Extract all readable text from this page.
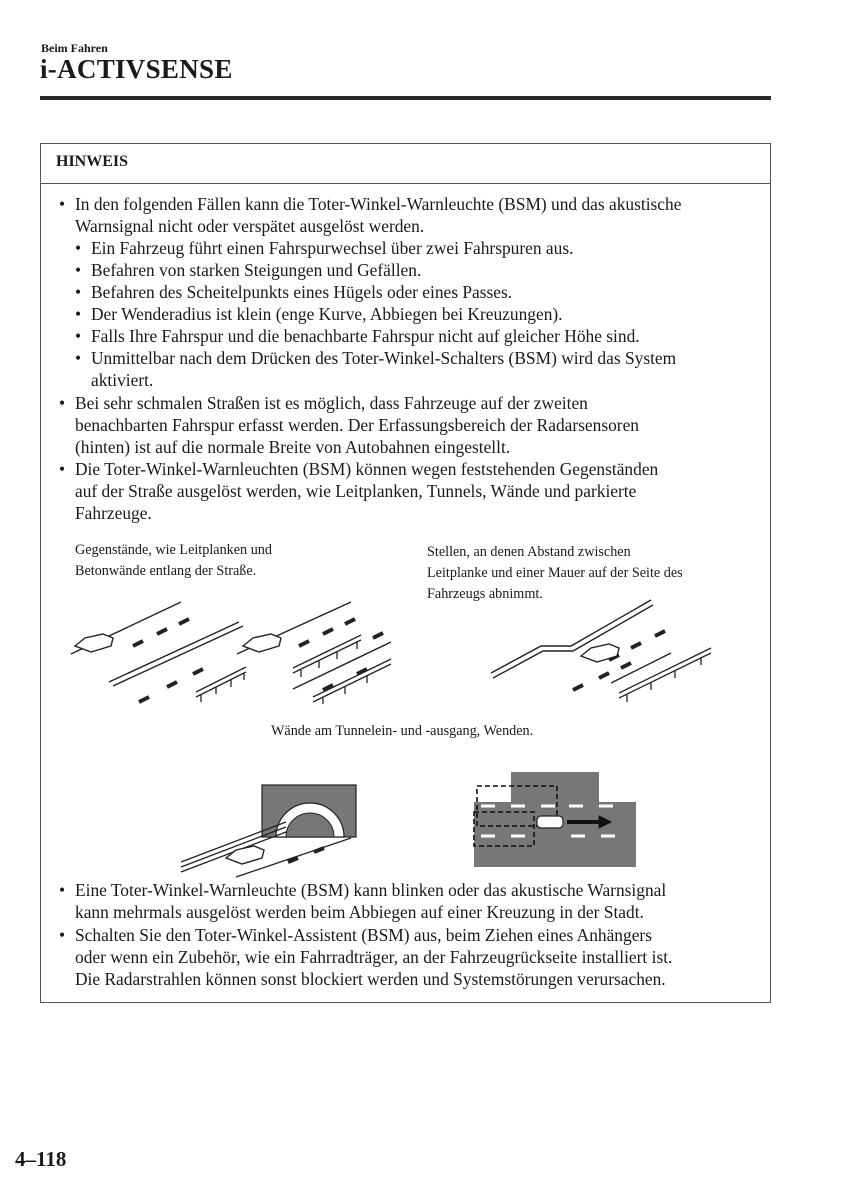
Beim Fahren
i-ACTIVSENSE
HINWEIS
• In den folgenden Fällen kann die Toter-Winkel-Warnleuchte (BSM) und das akustische
Warnsignal nicht oder verspätet ausgelöst werden.
• Ein Fahrzeug führt einen Fahrspurwechsel über zwei Fahrspuren aus.
• Befahren von starken Steigungen und Gefällen.
• Befahren des Scheitelpunkts eines Hügels oder eines Passes.
• Der Wenderadius ist klein (enge Kurve, Abbiegen bei Kreuzungen).
• Falls Ihre Fahrspur und die benachbarte Fahrspur nicht auf gleicher Höhe sind.
• Unmittelbar nach dem Drücken des Toter-Winkel-Schalters (BSM) wird das System
aktiviert.
• Bei sehr schmalen Straßen ist es möglich, dass Fahrzeuge auf der zweiten
benachbarten Fahrspur erfasst werden. Der Erfassungsbereich der Radarsensoren
(hinten) ist auf die normale Breite von Autobahnen eingestellt.
• Die Toter-Winkel-Warnleuchten (BSM) können wegen feststehenden Gegenständen
auf der Straße ausgelöst werden, wie Leitplanken, Tunnels, Wände und parkierte
Fahrzeuge.
Gegenstände, wie Leitplanken und
Betonwände entlang der Straße.
Stellen, an denen Abstand zwischen
Leitplanke und einer Mauer auf der Seite des
Fahrzeugs abnimmt.
Wände am Tunnelein- und -ausgang, Wenden.
• Eine Toter-Winkel-Warnleuchte (BSM) kann blinken oder das akustische Warnsignal
kann mehrmals ausgelöst werden beim Abbiegen auf einer Kreuzung in der Stadt.
• Schalten Sie den Toter-Winkel-Assistent (BSM) aus, beim Ziehen eines Anhängers
oder wenn ein Zubehör, wie ein Fahrradträger, an der Fahrzeugrückseite installiert ist.
Die Radarstrahlen können sonst blockiert werden und Systemstörungen verursachen.
4–118
